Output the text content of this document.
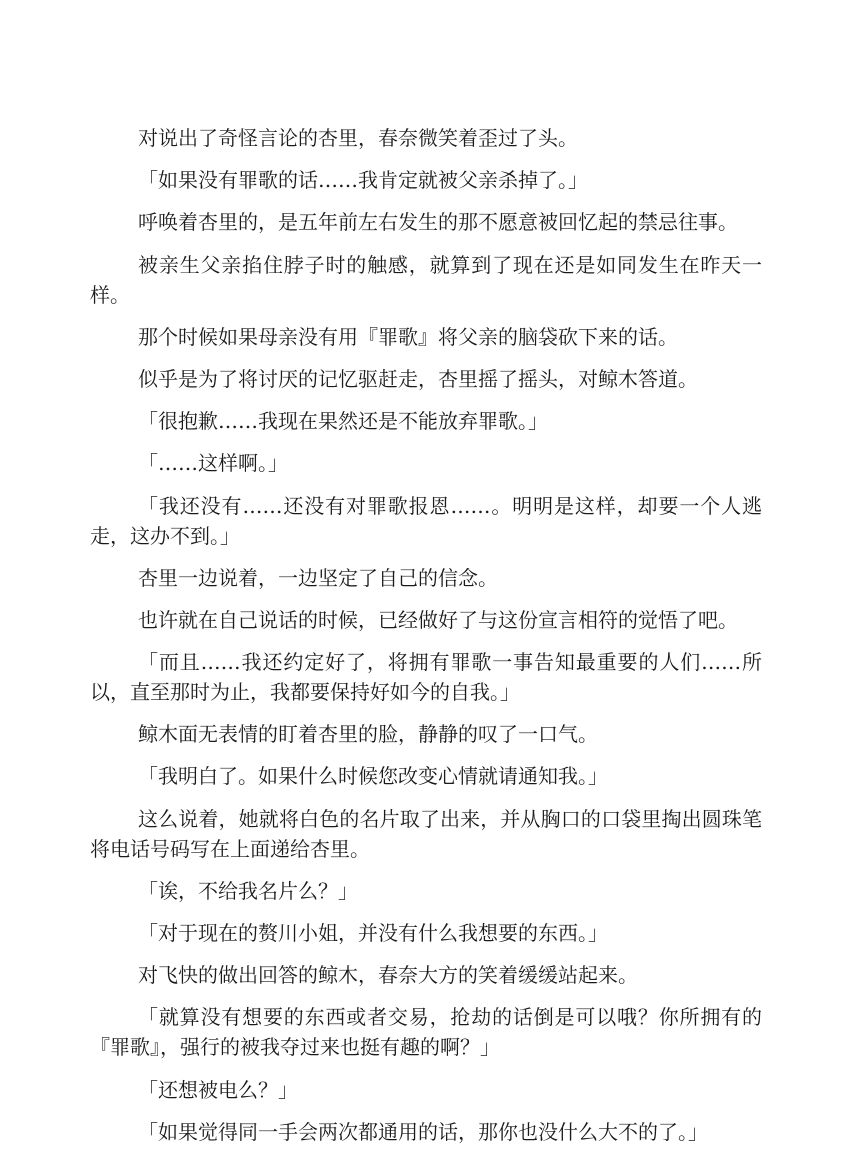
对说出了奇怪言论的杏里，春奈微笑着歪过了头。

「如果没有罪歌的话……我肯定就被父亲杀掉了。」

呼唤着杏里的，是五年前左右发生的那不愿意被回忆起的禁忌往事。

被亲生父亲掐住脖子时的触感，就算到了现在还是如同发生在昨天一样。

那个时候如果母亲没有用『罪歌』将父亲的脑袋砍下来的话。

似乎是为了将讨厌的记忆驱赶走，杏里摇了摇头，对鲸木答道。

「很抱歉……我现在果然还是不能放弃罪歌。」

「……这样啊。」

「我还没有……还没有对罪歌报恩……。明明是这样，却要一个人逃走，这办不到。」

杏里一边说着，一边坚定了自己的信念。

也许就在自己说话的时候，已经做好了与这份宣言相符的觉悟了吧。

「而且……我还约定好了，将拥有罪歌一事告知最重要的人们……所以，直至那时为止，我都要保持好如今的自我。」

鲸木面无表情的盯着杏里的脸，静静的叹了一口气。

「我明白了。如果什么时候您改变心情就请通知我。」

这么说着，她就将白色的名片取了出来，并从胸口的口袋里掏出圆珠笔将电话号码写在上面递给杏里。

「诶，不给我名片么？」

「对于现在的赘川小姐，并没有什么我想要的东西。」

对飞快的做出回答的鲸木，春奈大方的笑着缓缓站起来。

「就算没有想要的东西或者交易，抢劫的话倒是可以哦？你所拥有的『罪歌』，强行的被我夺过来也挺有趣的啊？」

「还想被电么？」

「如果觉得同一手会两次都通用的话，那你也没什么大不的了。」
